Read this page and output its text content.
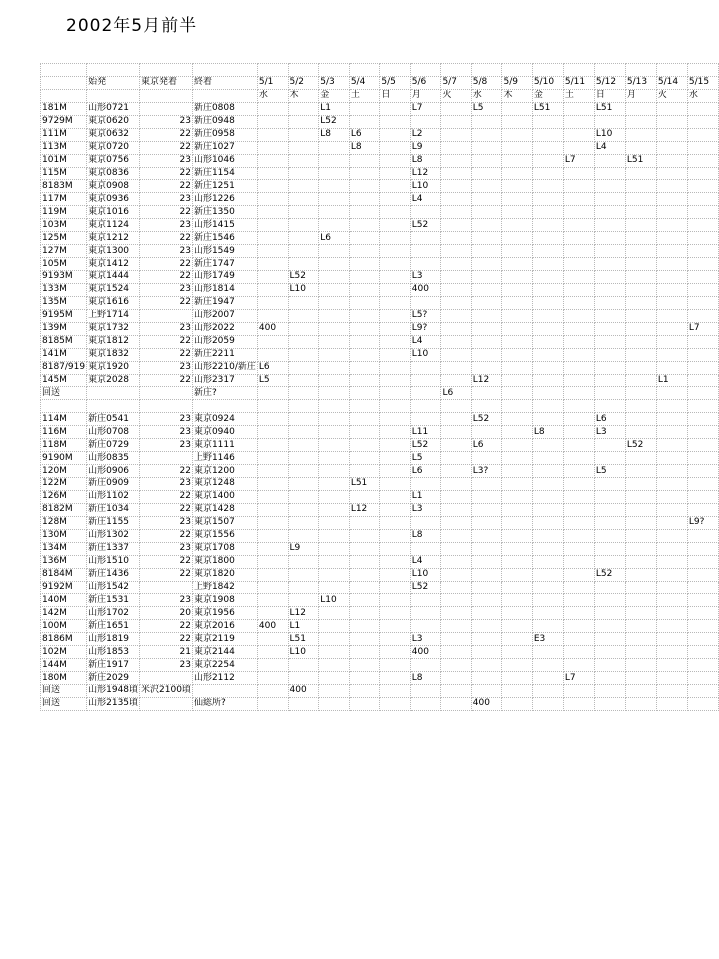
2002年5月前半

	始発	東京発着	終着	5/1	5/2	5/3	5/4	5/5	5/6	5/7	5/8	5/9	5/10	5/11	5/12	5/13	5/14	5/15
				水	木	金	土	日	月	火	水	木	金	土	日	月	火	水
181M	山形0721		新庄0808			L1			L7		L5		L51		L51			
9729M	東京0620	23	新庄0948			L52												
111M	東京0632	22	新庄0958			L8	L6		L2						L10			
113M	東京0720	22	新庄1027				L8		L9						L4			
101M	東京0756	23	山形1046						L8					L7		L51		
115M	東京0836	22	新庄1154						L12									
8183M	東京0908	22	新庄1251						L10									
117M	東京0936	23	山形1226						L4									
119M	東京1016	22	新庄1350															
103M	東京1124	23	山形1415						L52									
125M	東京1212	22	新庄1546			L6												
127M	東京1300	23	山形1549															
105M	東京1412	22	新庄1747															
9193M	東京1444	22	山形1749		L52				L3									
133M	東京1524	23	山形1814		L10				400									
135M	東京1616	22	新庄1947															
9195M	上野1714		山形2007						L5?									
139M	東京1732	23	山形2022	400					L9?									L7
8185M	東京1812	22	山形2059						L4									
141M	東京1832	22	新庄2211						L10									
8187/919	東京1920	23	山形2210/新庄	L6														
145M	東京2028	22	山形2317	L5							L12						L1	
回送			新庄?							L6								

114M	新庄0541	23	東京0924								L52				L6			
116M	山形0708	23	東京0940						L11				L8		L3			
118M	新庄0729	23	東京1111						L52		L6					L52		
9190M	山形0835		上野1146						L5									
120M	山形0906	22	東京1200						L6		L3?				L5			
122M	新庄0909	23	東京1248				L51											
126M	山形1102	22	東京1400						L1									
8182M	新庄1034	22	東京1428				L12		L3									
128M	新庄1155	23	東京1507															L9?
130M	山形1302	22	東京1556						L8									
134M	新庄1337	23	東京1708		L9													
136M	山形1510	22	東京1800						L4									
8184M	新庄1436	22	東京1820						L10						L52			
9192M	山形1542		上野1842						L52									
140M	新庄1531	23	東京1908			L10												
142M	山形1702	20	東京1956		L12													
100M	新庄1651	22	東京2016	400	L1													
8186M	山形1819	22	東京2119		L51				L3				E3					
102M	山形1853	21	東京2144		L10				400									
144M	新庄1917	23	東京2254															
180M	新庄2029		山形2112						L8					L7				
回送	山形1948頃	米沢2100頃			400													
回送	山形2135頃		仙総所?								400							
